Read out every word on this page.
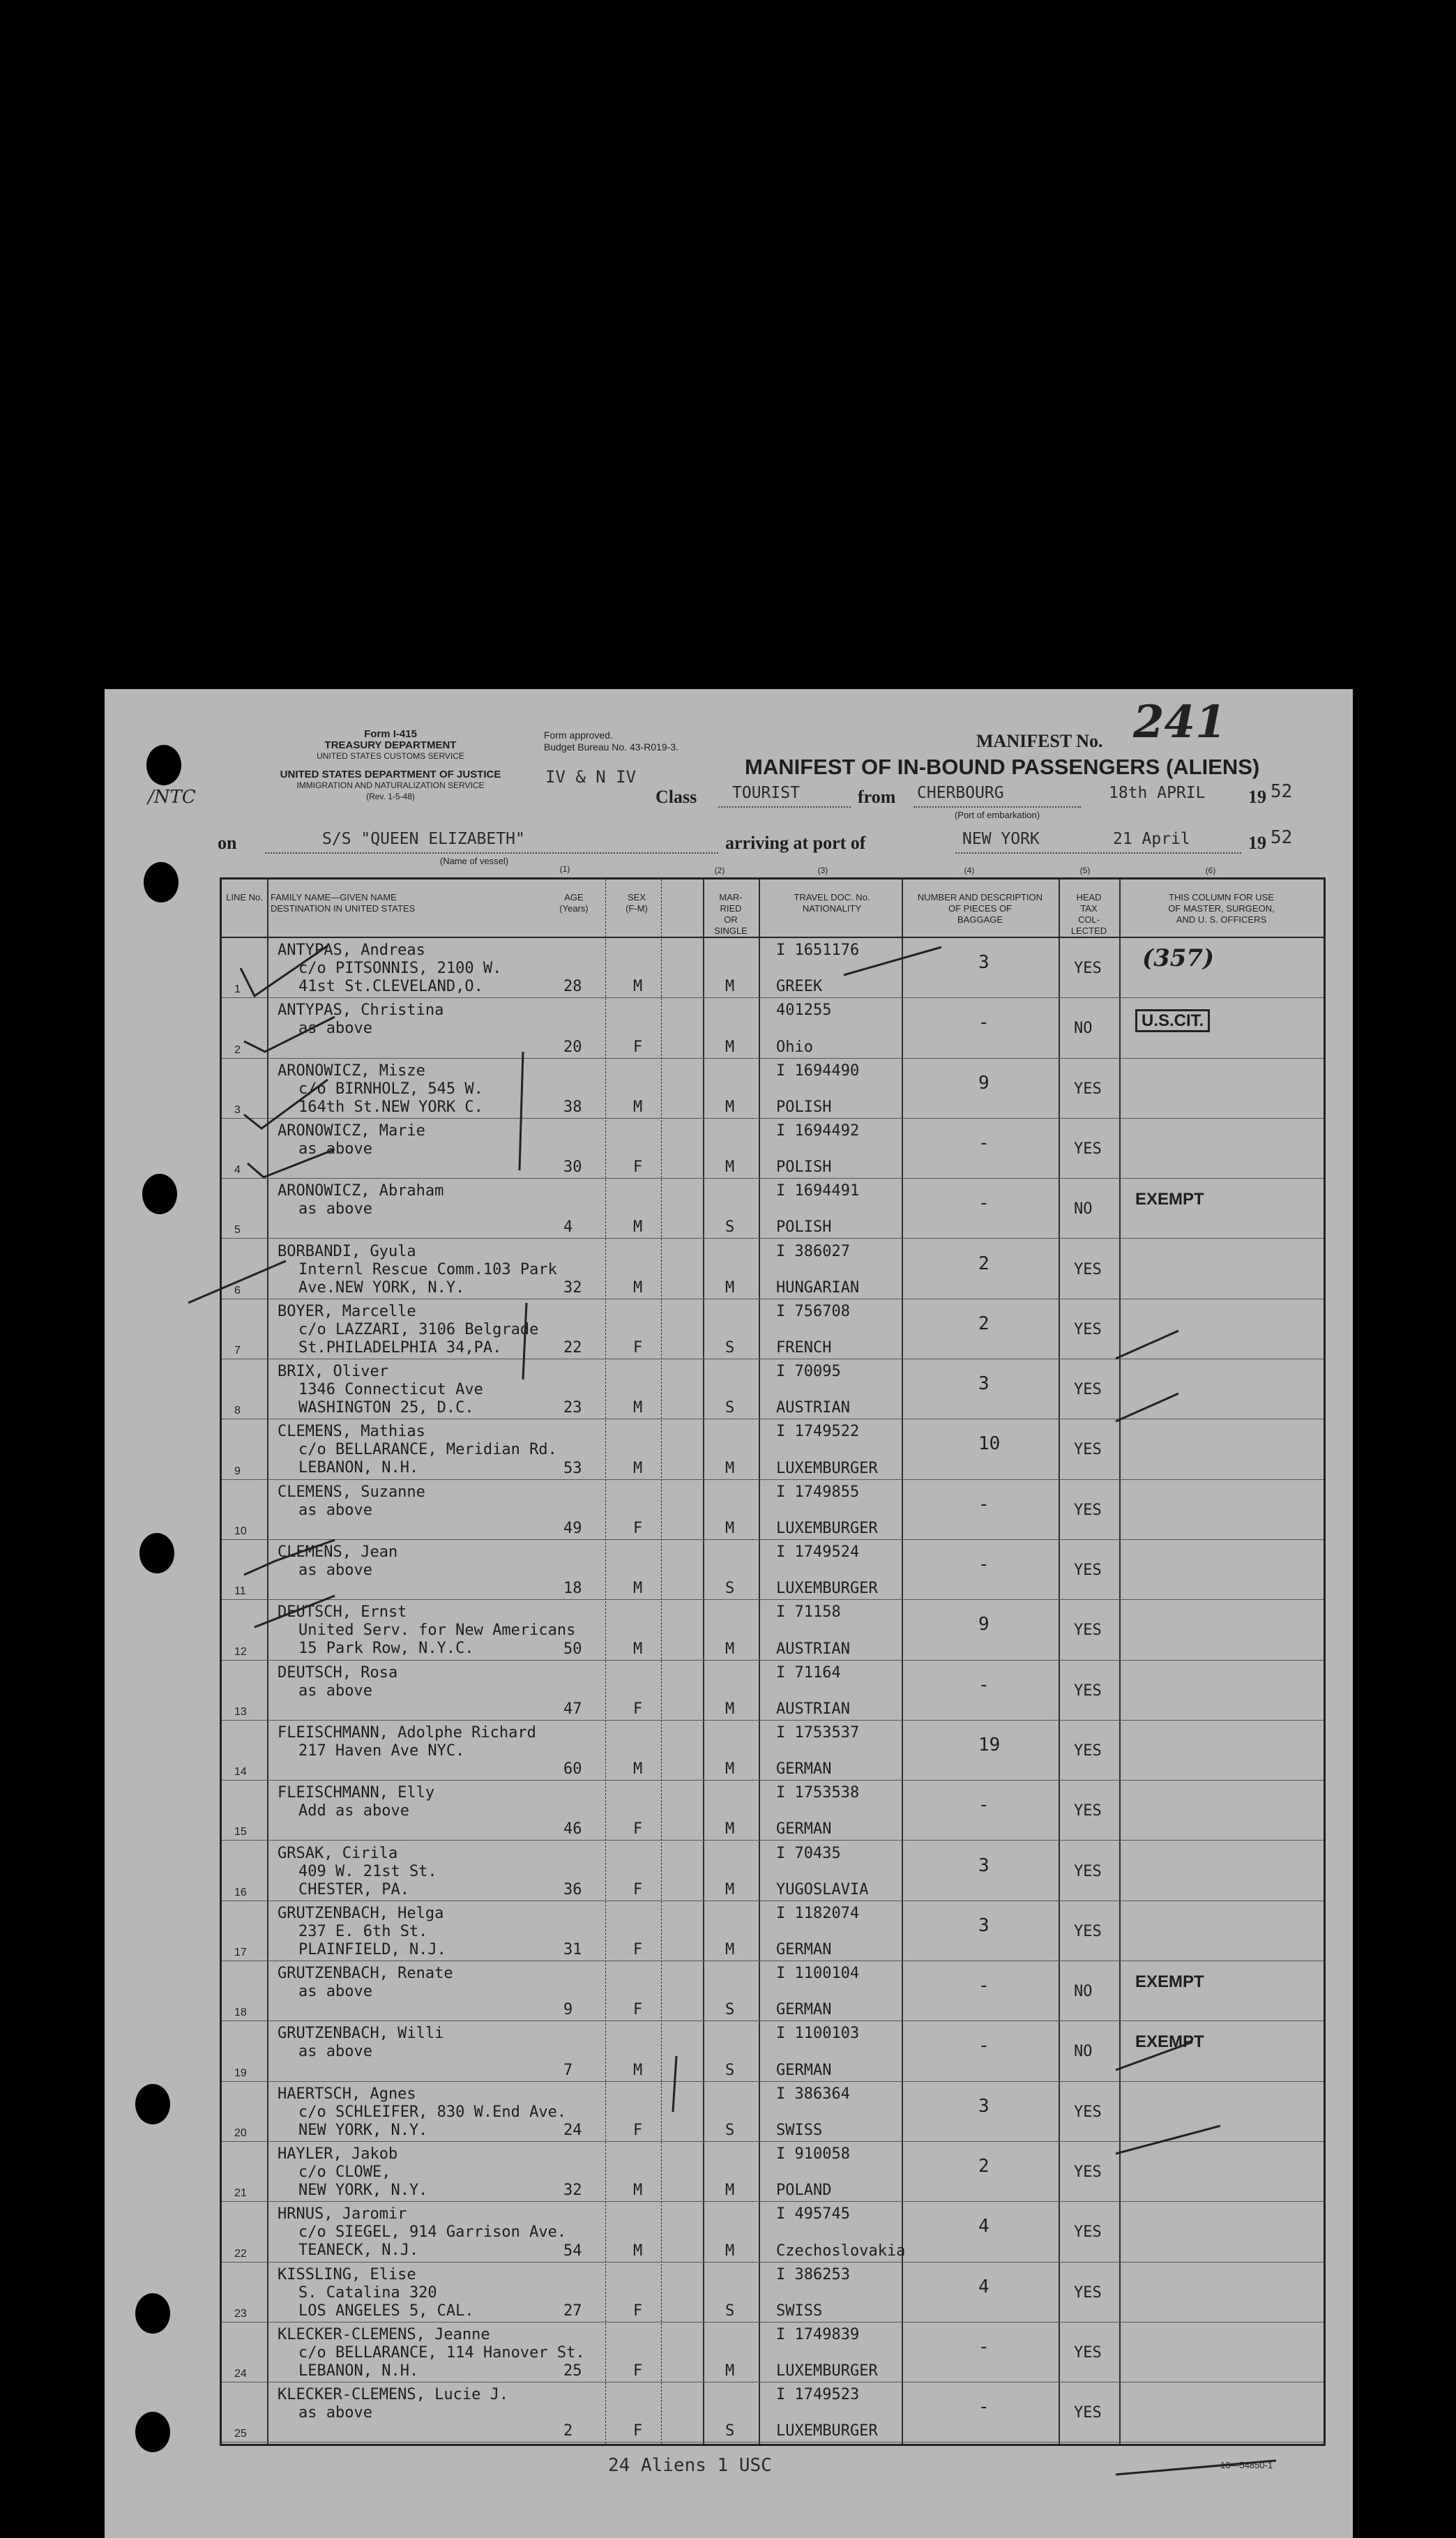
Form I-415
TREASURY DEPARTMENT
UNITED STATES CUSTOMS SERVICE
UNITED STATES DEPARTMENT OF JUSTICE
IMMIGRATION AND NATURALIZATION SERVICE
(Rev. 1-5-48)
/NTC
Form approved.
Budget Bureau No. 43-R019-3.
IV & N IV
MANIFEST No. 241
MANIFEST OF IN-BOUND PASSENGERS (ALIENS)
Class TOURIST	from CHERBOURG
(Port of embarkation)
18th APRIL 19 52
on	S/S "QUEEN ELIZABETH"
(Name of vessel)
(1)
arriving at port of	NEW YORK	21 April	19 52
(2)	(3)	(4)	(5)	(6)
LINE No. FAMILY NAME—GIVEN NAME
DESTINATION IN UNITED STATES
AGE
(Years)
SEX
(F-M)
MAR-
RIED
OR
SINGLE
TRAVEL DOC. No.
NATIONALITY
NUMBER AND DESCRIPTION
OF PIECES OF
BAGGAGE
HEAD
TAX
COL-
LECTED
THIS COLUMN FOR USE
OF MASTER, SURGEON,
AND U. S. OFFICERS
1
ANTYPAS, Andreas
c/o PITSONNIS, 2100 W.
41st St.CLEVELAND,O.	28	M	M
I 1651176
GREEK
3	YES (357)
2
ANTYPAS, Christina
as above
20	F	M
401255
Ohio
-	NO	U.S.CIT.
3
ARONOWICZ, Misze
c/o BIRNHOLZ, 545 W.
164th St.NEW YORK C.	38	M	M
I 1694490
POLISH
9	YES
4
ARONOWICZ, Marie
as above
30	F	M
I 1694492
POLISH
-	YES
5
ARONOWICZ, Abraham
as above
4	M	S
I 1694491
POLISH
-	NO
EXEMPT
6
BORBANDI, Gyula
Internl Rescue Comm.103 Park
Ave.NEW YORK, N.Y.	32	M	M
I 386027
HUNGARIAN
2	YES
7
BOYER, Marcelle
c/o LAZZARI, 3106 Belgrade
St.PHILADELPHIA 34,PA.	22	F	S
I 756708
FRENCH
2	YES
8
BRIX, Oliver
1346 Connecticut Ave
WASHINGTON 25, D.C.	23	M	S
I 70095
AUSTRIAN
3	YES
9
CLEMENS, Mathias
c/o BELLARANCE, Meridian Rd.
LEBANON, N.H.	53	M	M
I 1749522
LUXEMBURGER
10	YES
10
CLEMENS, Suzanne
as above
49	F	M
I 1749855
LUXEMBURGER
-	YES
11
CLEMENS, Jean
as above
18	M	S
I 1749524
LUXEMBURGER
-	YES
12
DEUTSCH, Ernst
United Serv. for New Americans
15 Park Row, N.Y.C.	50	M	M
I 71158
AUSTRIAN
9	YES
13
DEUTSCH, Rosa
as above
47	F	M
I 71164
AUSTRIAN
-	YES
14
FLEISCHMANN, Adolphe Richard
217 Haven Ave NYC.
60	M	M
I 1753537
GERMAN
19	YES
15
FLEISCHMANN, Elly
Add as above
46	F	M
I 1753538
GERMAN
-	YES
16
GRSAK, Cirila
409 W. 21st St.
CHESTER, PA.	36	F	M
I 70435
YUGOSLAVIA
3	YES
17
GRUTZENBACH, Helga
237 E. 6th St.
PLAINFIELD, N.J.	31	F	M
I 1182074
GERMAN
3	YES
18
GRUTZENBACH, Renate
as above
9	F	S
I 1100104
GERMAN
-	NO
EXEMPT
19
GRUTZENBACH, Willi
as above
7	M	S
I 1100103
GERMAN
-	NO
EXEMPT
20
HAERTSCH, Agnes
c/o SCHLEIFER, 830 W.End Ave.
NEW YORK, N.Y.	24	F	S
I 386364
SWISS
3	YES
21
HAYLER, Jakob
c/o CLOWE,
NEW YORK, N.Y.	32	M	M
I 910058
POLAND
2	YES
22
HRNUS, Jaromir
c/o SIEGEL, 914 Garrison Ave.
TEANECK, N.J.	54	M	M
I 495745
Czechoslovakia
4	YES
23
KISSLING, Elise
S. Catalina 320
LOS ANGELES 5, CAL.	27	F	S
I 386253
SWISS
4	YES
24
KLECKER-CLEMENS, Jeanne
c/o BELLARANCE, 114 Hanover St.
LEBANON, N.H.	25	F	M
I 1749839
LUXEMBURGER
-	YES
25
KLECKER-CLEMENS, Lucie J.
as above
2	F	S
I 1749523
LUXEMBURGER
-	YES
24 Aliens 1 USC	16—54850-1
